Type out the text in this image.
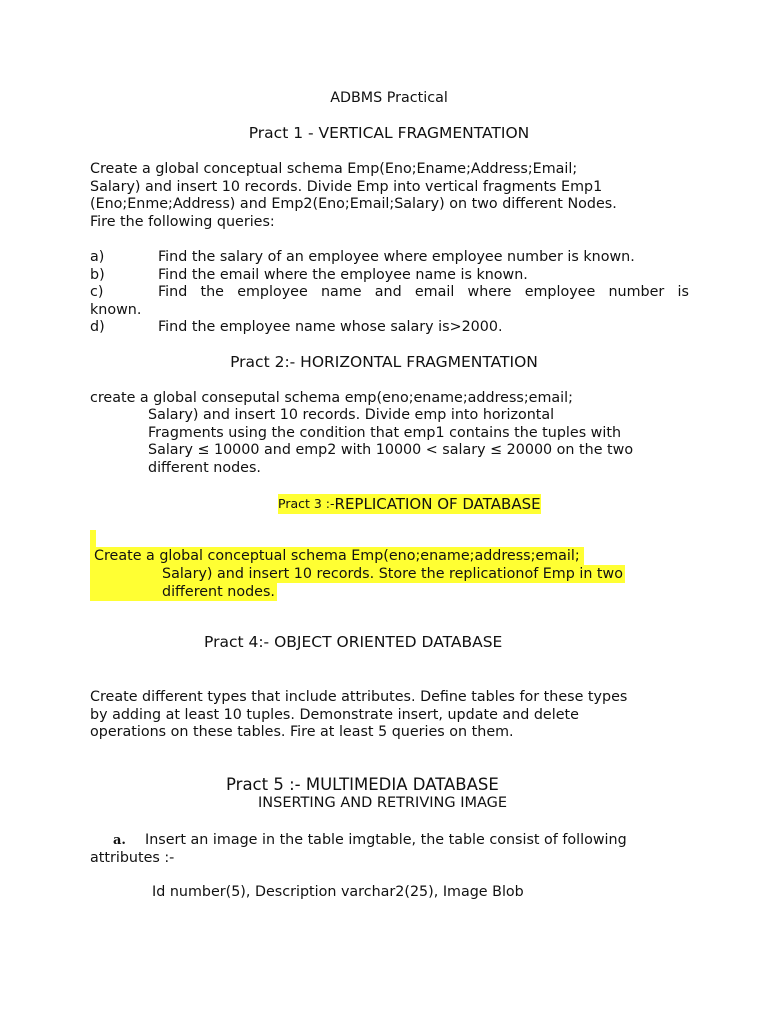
ADBMS Practical
Pract 1 - VERTICAL FRAGMENTATION
Create a global conceptual schema Emp(Eno;Ename;Address;Email;
Salary) and insert 10 records. Divide Emp into vertical fragments Emp1
(Eno;Enme;Address) and Emp2(Eno;Email;Salary) on two different Nodes.
Fire the following queries:
a)	Find the salary of an employee where employee number is known.
b)	Find the email where the employee name is known.
c)	Find the employee name and email where employee number is
known.
d)	Find the employee name whose salary is>2000.
Pract 2:- HORIZONTAL FRAGMENTATION
create a global conseputal schema emp(eno;ename;address;email;
Salary) and insert 10 records. Divide emp into horizontal
Fragments using the condition that emp1 contains the tuples with
Salary ≤ 10000 and emp2 with 10000 < salary ≤ 20000 on the two
different nodes.
Pract 3 :-REPLICATION OF DATABASE
Create a global conceptual schema Emp(eno;ename;address;email;
Salary) and insert 10 records. Store the replicationof Emp in two
different nodes.
Pract 4:- OBJECT ORIENTED DATABASE
Create different types that include attributes. Define tables for these types
by adding at least 10 tuples. Demonstrate insert, update and delete
operations on these tables. Fire at least 5 queries on them.
Pract 5 :- MULTIMEDIA DATABASE
INSERTING AND RETRIVING IMAGE
a. Insert an image in the table imgtable, the table consist of following
attributes :-
Id number(5), Description varchar2(25), Image Blob
